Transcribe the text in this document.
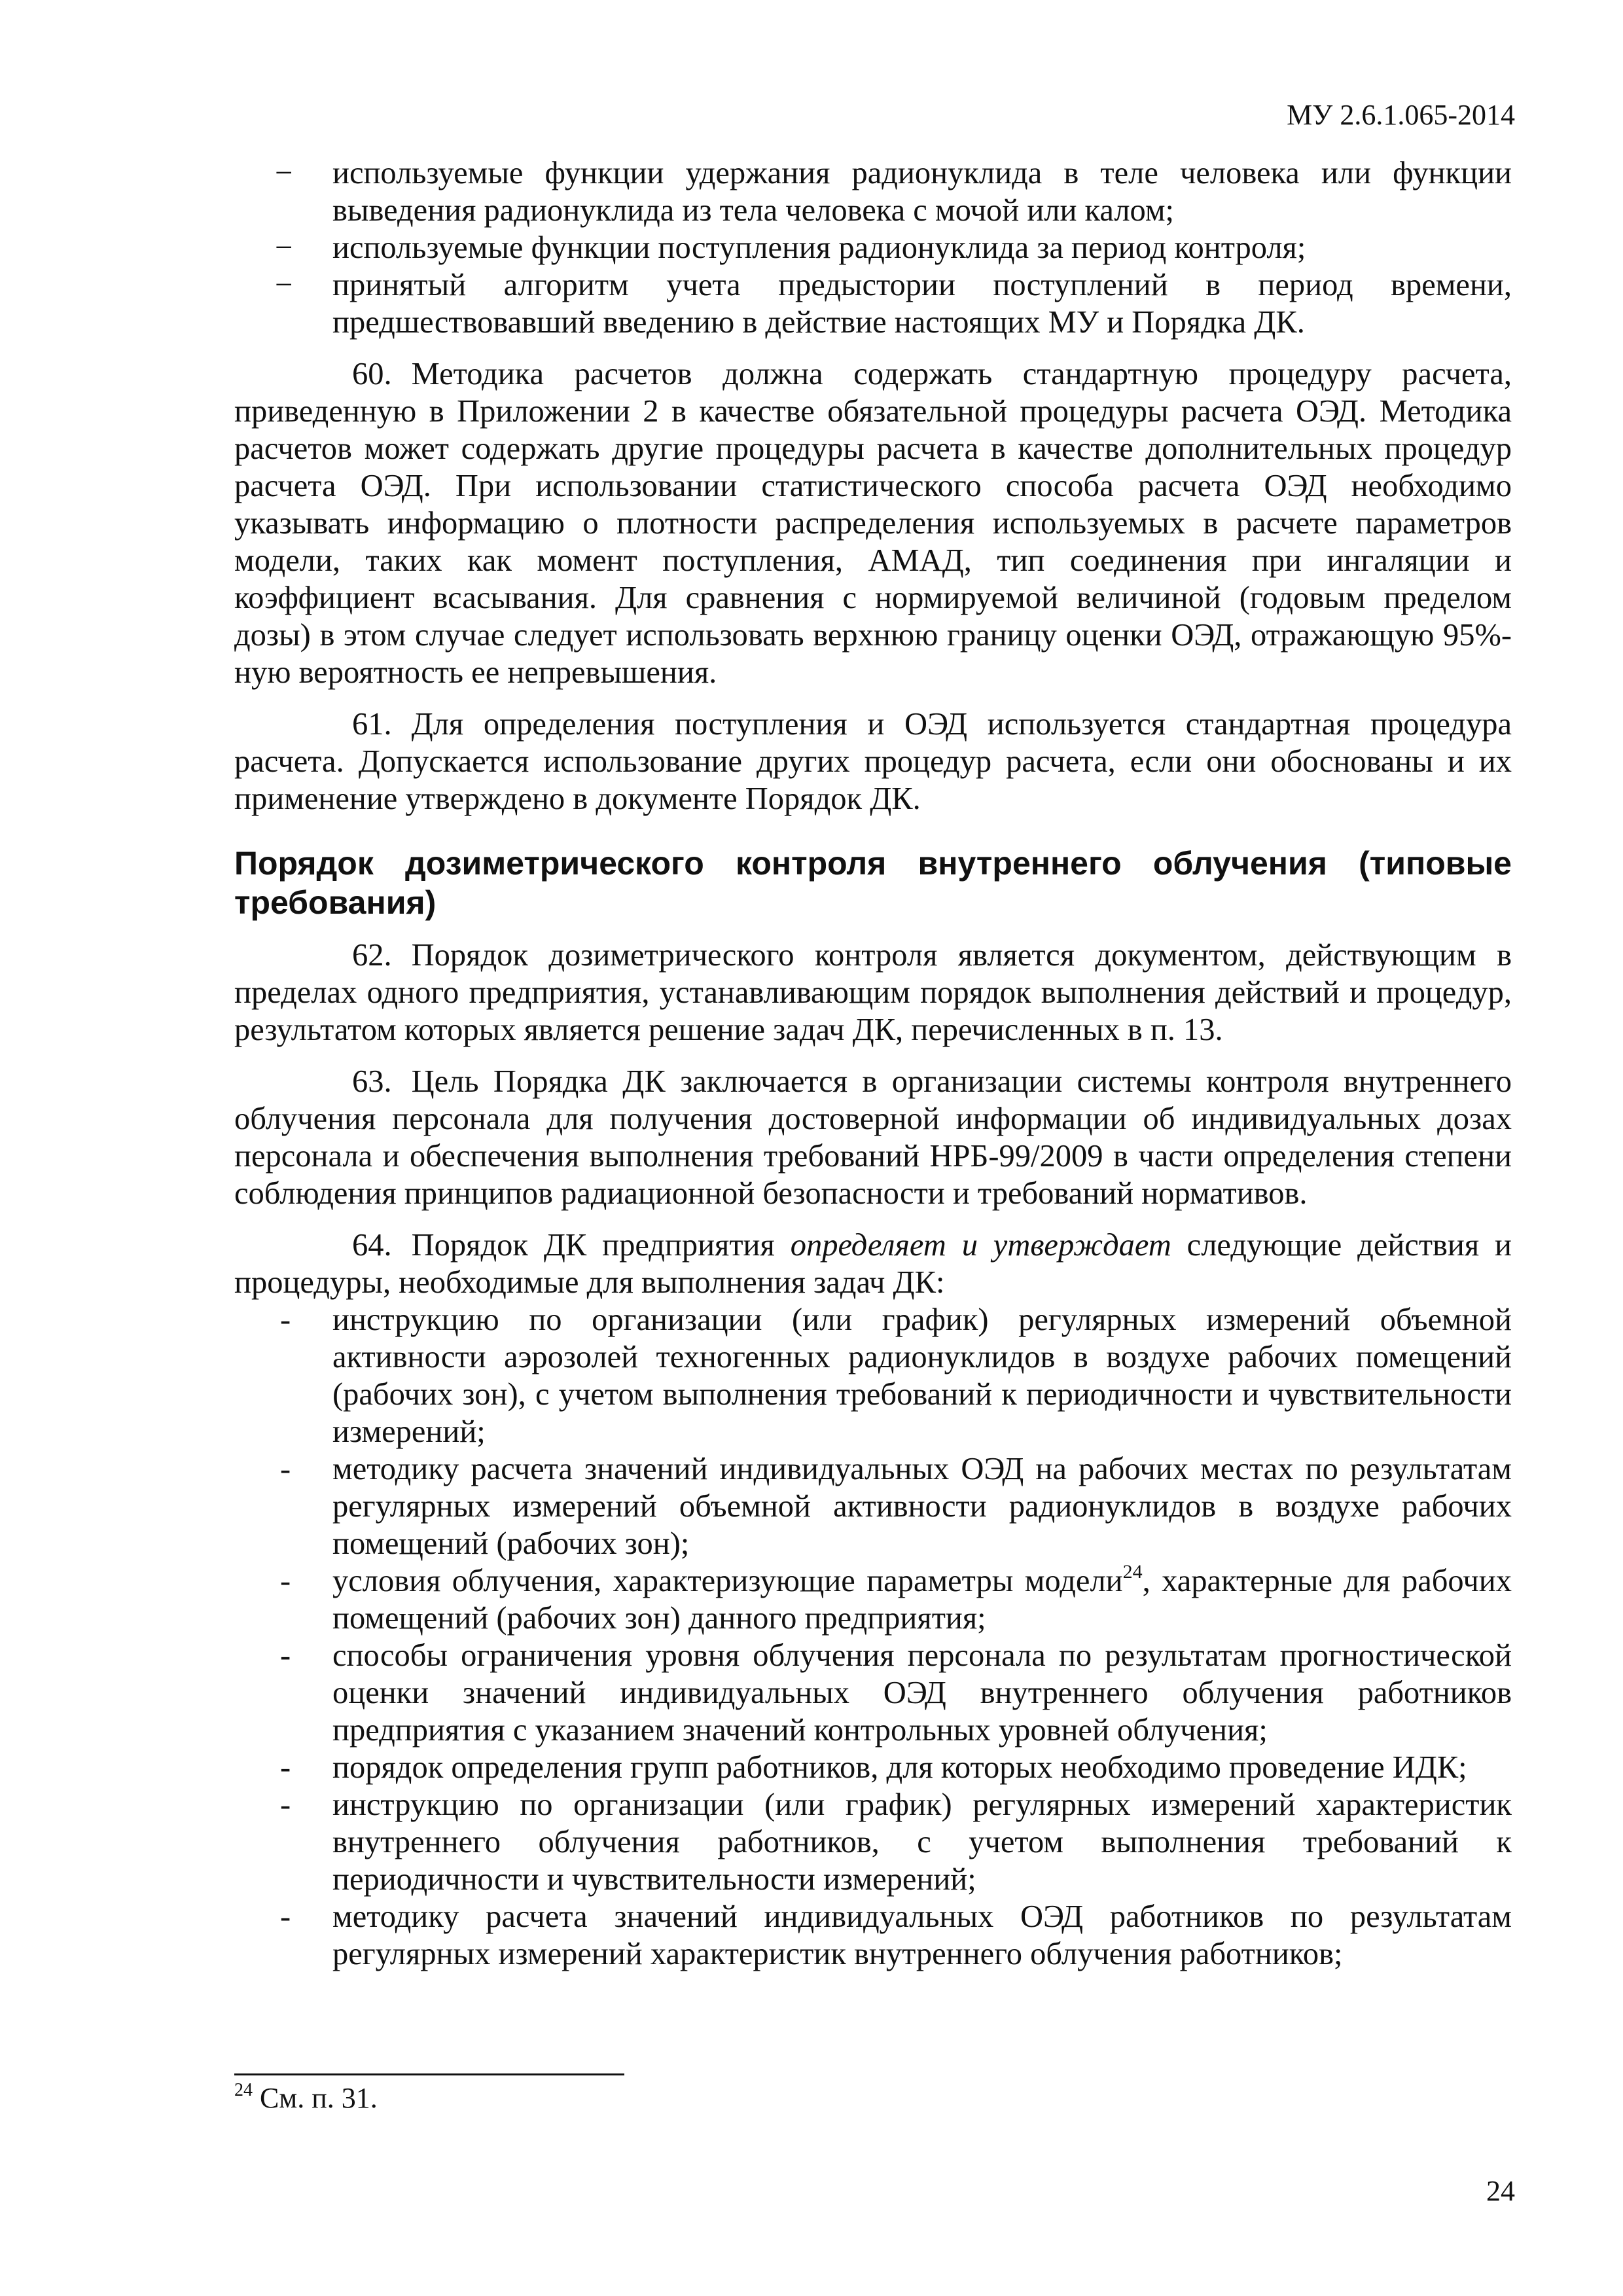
МУ 2.6.1.065-2014
− используемые функции удержания радионуклида в теле человека или функции выведения радионуклида из тела человека с мочой или калом;
− используемые функции поступления радионуклида за период контроля;
− принятый алгоритм учета предыстории поступлений в период времени, предшествовавший введению в действие настоящих МУ и Порядка ДК.

60. Методика расчетов должна содержать стандартную процедуру расчета, приведенную в Приложении 2 в качестве обязательной процедуры расчета ОЭД. Методика расчетов может содержать другие процедуры расчета в качестве дополнительных процедур расчета ОЭД. При использовании статистического способа расчета ОЭД необходимо указывать информацию о плотности распределения используемых в расчете параметров модели, таких как момент поступления, АМАД, тип соединения при ингаляции и коэффициент всасывания. Для сравнения с нормируемой величиной (годовым пределом дозы) в этом случае следует использовать верхнюю границу оценки ОЭД, отражающую 95%-ную вероятность ее непревышения.

61. Для определения поступления и ОЭД используется стандартная процедура расчета. Допускается использование других процедур расчета, если они обоснованы и их применение утверждено в документе Порядок ДК.

Порядок дозиметрического контроля внутреннего облучения (типовые требования)

62. Порядок дозиметрического контроля является документом, действующим в пределах одного предприятия, устанавливающим порядок выполнения действий и процедур, результатом которых является решение задач ДК, перечисленных в п. 13.

63. Цель Порядка ДК заключается в организации системы контроля внутреннего облучения персонала для получения достоверной информации об индивидуальных дозах персонала и обеспечения выполнения требований НРБ-99/2009 в части определения степени соблюдения принципов радиационной безопасности и требований нормативов.

64. Порядок ДК предприятия определяет и утверждает следующие действия и процедуры, необходимые для выполнения задач ДК:

- инструкцию по организации (или график) регулярных измерений объемной активности аэрозолей техногенных радионуклидов в воздухе рабочих помещений (рабочих зон), с учетом выполнения требований к периодичности и чувствительности измерений;
- методику расчета значений индивидуальных ОЭД на рабочих местах по результатам регулярных измерений объемной активности радионуклидов в воздухе рабочих помещений (рабочих зон);
- условия облучения, характеризующие параметры модели$^{24}$, характерные для рабочих помещений (рабочих зон) данного предприятия;
- способы ограничения уровня облучения персонала по результатам прогностической оценки значений индивидуальных ОЭД внутреннего облучения работников предприятия с указанием значений контрольных уровней облучения;
- порядок определения групп работников, для которых необходимо проведение ИДК;
- инструкцию по организации (или график) регулярных измерений характеристик внутреннего облучения работников, с учетом выполнения требований к периодичности и чувствительности измерений;
- методику расчета значений индивидуальных ОЭД работников по результатам регулярных измерений характеристик внутреннего облучения работников;
$^{24}$ См. п. 31.
24
